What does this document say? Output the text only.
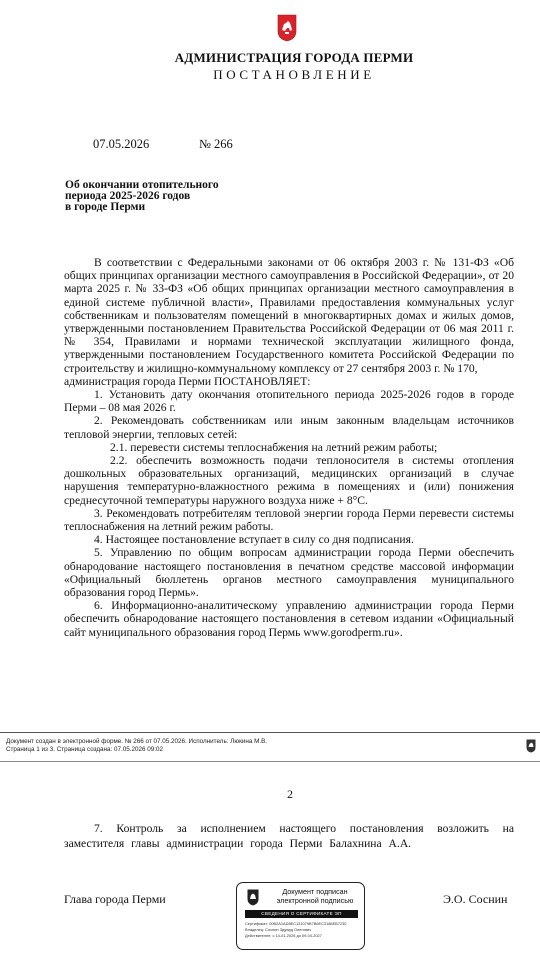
АДМИНИСТРАЦИЯ ГОРОДА ПЕРМИ
ПОСТАНОВЛЕНИЕ
07.05.2026	№ 266
Об окончании отопительного
периода 2025-2026 годов
в городе Перми

В соответствии с Федеральными законами от 06 октября 2003 г. № 131-ФЗ «Об общих принципах организации местного самоуправления в Российской Федерации», от 20 марта 2025 г. № 33-ФЗ «Об общих принципах организации местного самоуправления в единой системе публичной власти», Правилами предоставления коммунальных услуг собственникам и пользователям помещений в многоквартирных домах и жилых домов, утвержденными постановлением Правительства Российской Федерации от 06 мая 2011 г. № 354, Правилами и нормами технической эксплуатации жилищного фонда, утвержденными постановлением Государственного комитета Российской Федерации по строительству и жилищно-коммунальному комплексу от 27 сентября 2003 г. № 170,

администрация города Перми ПОСТАНОВЛЯЕТ:

1. Установить дату окончания отопительного периода 2025-2026 годов в городе Перми – 08 мая 2026 г.

2. Рекомендовать собственникам или иным законным владельцам источников тепловой энергии, тепловых сетей:

2.1. перевести системы теплоснабжения на летний режим работы;

2.2. обеспечить возможность подачи теплоносителя в системы отопления дошкольных образовательных организаций, медицинских организаций в случае нарушения температурно-влажностного режима в помещениях и (или) понижения среднесуточной температуры наружного воздуха ниже + 8°С.

3. Рекомендовать потребителям тепловой энергии города Перми перевести системы теплоснабжения на летний режим работы.

4. Настоящее постановление вступает в силу со дня подписания.

5. Управлению по общим вопросам администрации города Перми обеспечить обнародование настоящего постановления в печатном средстве массовой информации «Официальный бюллетень органов местного самоуправления муниципального образования город Пермь».

6. Информационно-аналитическому управлению администрации города Перми обеспечить обнародование настоящего постановления в сетевом издании «Официальный сайт муниципального образования город Пермь www.gorodperm.ru».

Документ создан в электронной форме. № 266 от 07.05.2026. Исполнитель: Люкина М.В.
Страница 1 из 3. Страница создана: 07.05.2026 09:02
2

7. Контроль за исполнением настоящего постановления возложить на заместителя главы администрации города Перми Балахнина А.А.

Глава города Перми	Э.О. Соснин
Документ подписан
электронной подписью
СВЕДЕНИЯ О СЕРТИФИКАТЕ ЭП
Сертификат: 00B2A1AD8EC131079B7B6EC3188EB7230
Владелец: Соснин Эдуард Олегович
Действителен: с 14-01-2026 до 09-04-2027
